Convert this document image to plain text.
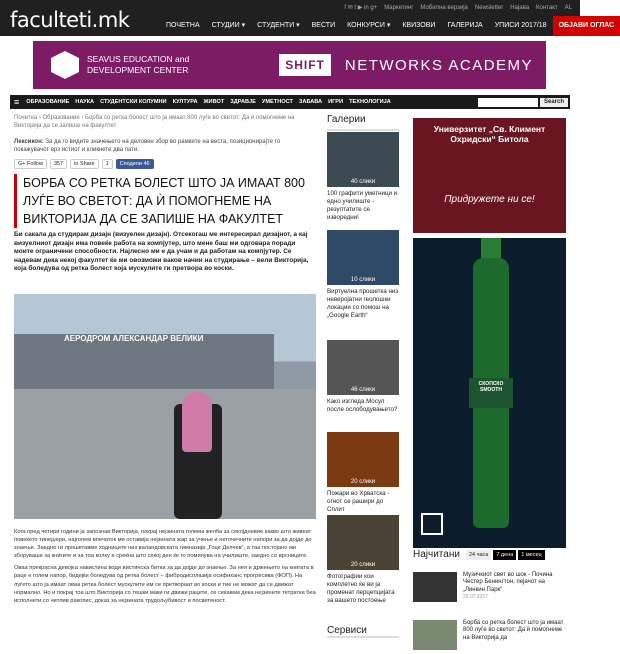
faсulteti.mk	f ✉ t ▶ in g+ Маркетинг Мобилна верзија Newsletter Најава Контакт AL
ПОЧЕТНА	СТУДИИ ▾	СТУДЕНТИ ▾	ВЕСТИ	КОНКУРСИ ▾	КВИЗОВИ	ГАЛЕРИЈА	УПИСИ 2017/18	ОБЈАВИ ОГЛАС
SEAVUS EDUCATION and
DEVELOPMENT CENTER	SHIFT	NETWORKS ACADEMY
≡	ОБРАЗОВАНИЕ	НАУКА	СТУДЕНТСКИ КОЛУМНИ	КУЛТУРА	ЖИВОТ	ЗДРАВЈЕ	УМЕТНОСТ	ЗАБАВА	ИГРИ	ТЕХНОЛОГИЈА	Search
Почетна › Образование › Борба со ретка болест што ја имаат 800 луѓе во светот: Да ѝ помогнеме на Викторија да се запише на факултет
Лексикон: За да го видите значењето на деловен збор во рамките на веста, позиционирајте го покажувачот врз истиот и кликнете два пати.
G+ Follow	357	in Share	1	Сподели 46
БОРБА СО РЕТКА БОЛЕСТ ШТО ЈА ИМААТ 800 ЛУЃЕ ВО СВЕТОТ: ДА Ѝ ПОМОГНЕМЕ НА ВИКТОРИЈА ДА СЕ ЗАПИШЕ НА ФАКУЛТЕТ
Би сакала да студирам дизајн (визуелен дизајн). Отсекогаш ме интересирал дизајнот, а кај визуелниот дизајн има повеќе работа на компјутер, што мене баш ми одговара поради моите ограничени способности. Најлесно ми е да учам и да работам на компјутер. Се надевам дека некој факултет ќе ми овозможи ваков начин на студирање – вели Викторија, која боледува од ретка болест која мускулите ги претвора во коски.
АЕРОДРОМ АЛЕКСАНДАР ВЕЛИКИ

Кога пред четири години ја запознав Викторија, покрај нејзината голема желба за секојдневие какво што живеат повеќето тинејџери, најголем впечаток ми оставија нејзината жар за учење и неточечните напори за да дојде до знаење. Заедно ги прошетавме ходниците низ валандовската гимназија „Гоце Делчев“, а таа постојано ми зборуваше за книгите и за тоа колку е среќна што секој ден ќе го поминува на училиште, заедно со врсниците.

Оваа прекрасна девојка навистина води вистинска битка за да дојде до знаење. За нея и држењето на книгата в раце е голем напор, бидејќи боледува од ретка болест – фибродисплазија осификанс прогресива (ФОП). На луѓето што ја имаат оваа ретка болест мускулите им се претвораат во коски и тие не можат да се движат нормално. Но и покрај тоа што Викторија со тешки маки ги движи рацете, се сеќавам дека нејзините тетратки беа исполнети со читлив ракопис, доказ за нејзината трудољубивост и посветеност.

Галерии
40 слики
100 графити уметници и едно училиште - резултатите се изворедни!
10 слики
Виртуелна прошетка низ неверојатни геолошки локации со помош на „Google Earth“
46 слики
Како изгледа Мосул после ослободувањето?
20 слики
Пожари во Хрватска - огнот се рашири до Сплит
20 слики
Фотографии кои комплетно ќе ви ја променат перцепцијата за вашето постоење
Сервиси
Универзитет „Св. Климент Охридски“ Битола
Придружете ни се!
СКОПСКО SMOOTH
Најчитани	24 часа	7 дена	1 месец
Музичкиот свет во шок - Почина Честер Бенингтон, пејачот на „Линкин Парк“
20.07.2017
Борба со ретка болест што ја имаат 800 луѓе во светот: Да ѝ помогнеме на Викторија да
